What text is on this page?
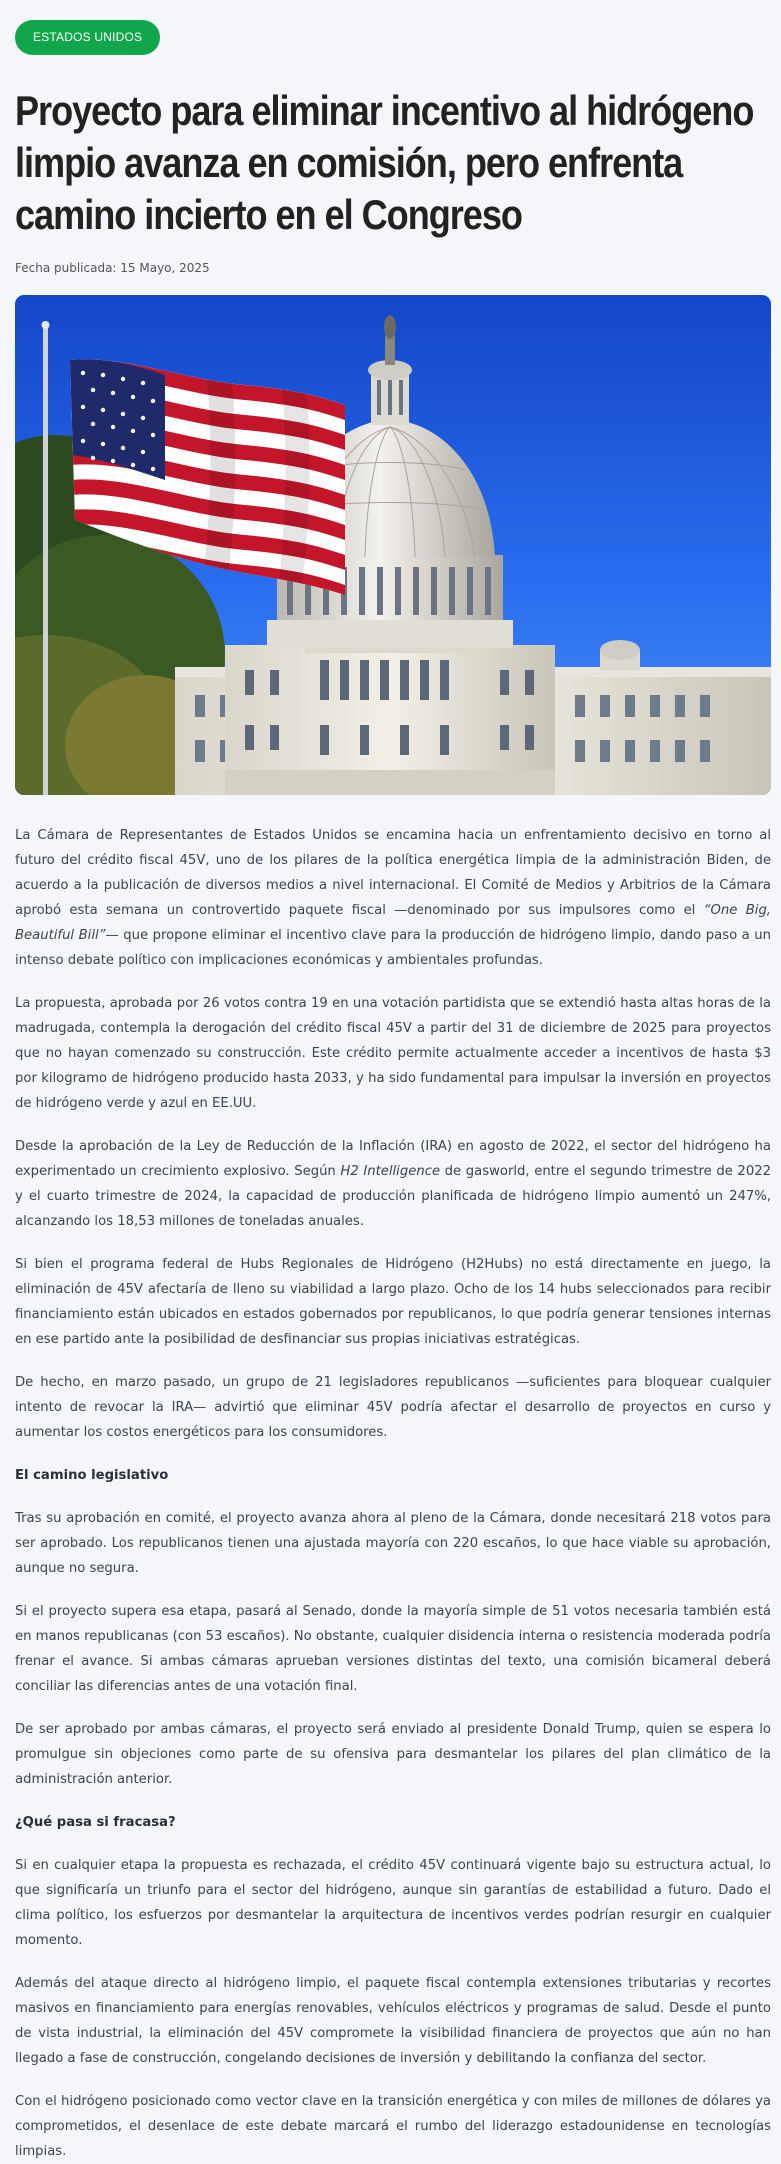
ESTADOS UNIDOS
Proyecto para eliminar incentivo al hidrógeno limpio avanza en comisión, pero enfrenta camino incierto en el Congreso
Fecha publicada: 15 Mayo, 2025

La Cámara de Representantes de Estados Unidos se encamina hacia un enfrentamiento decisivo en torno al futuro del crédito fiscal 45V, uno de los pilares de la política energética limpia de la administración Biden, de acuerdo a la publicación de diversos medios a nivel internacional. El Comité de Medios y Arbitrios de la Cámara aprobó esta semana un controvertido paquete fiscal —denominado por sus impulsores como el “One Big, Beautiful Bill”— que propone eliminar el incentivo clave para la producción de hidrógeno limpio, dando paso a un intenso debate político con implicaciones económicas y ambientales profundas.

La propuesta, aprobada por 26 votos contra 19 en una votación partidista que se extendió hasta altas horas de la madrugada, contempla la derogación del crédito fiscal 45V a partir del 31 de diciembre de 2025 para proyectos que no hayan comenzado su construcción. Este crédito permite actualmente acceder a incentivos de hasta $3 por kilogramo de hidrógeno producido hasta 2033, y ha sido fundamental para impulsar la inversión en proyectos de hidrógeno verde y azul en EE.UU.

Desde la aprobación de la Ley de Reducción de la Inflación (IRA) en agosto de 2022, el sector del hidrógeno ha experimentado un crecimiento explosivo. Según H2 Intelligence de gasworld, entre el segundo trimestre de 2022 y el cuarto trimestre de 2024, la capacidad de producción planificada de hidrógeno limpio aumentó un 247%, alcanzando los 18,53 millones de toneladas anuales.

Si bien el programa federal de Hubs Regionales de Hidrógeno (H2Hubs) no está directamente en juego, la eliminación de 45V afectaría de lleno su viabilidad a largo plazo. Ocho de los 14 hubs seleccionados para recibir financiamiento están ubicados en estados gobernados por republicanos, lo que podría generar tensiones internas en ese partido ante la posibilidad de desfinanciar sus propias iniciativas estratégicas.

De hecho, en marzo pasado, un grupo de 21 legisladores republicanos —suficientes para bloquear cualquier intento de revocar la IRA— advirtió que eliminar 45V podría afectar el desarrollo de proyectos en curso y aumentar los costos energéticos para los consumidores.

El camino legislativo

Tras su aprobación en comité, el proyecto avanza ahora al pleno de la Cámara, donde necesitará 218 votos para ser aprobado. Los republicanos tienen una ajustada mayoría con 220 escaños, lo que hace viable su aprobación, aunque no segura.

Si el proyecto supera esa etapa, pasará al Senado, donde la mayoría simple de 51 votos necesaria también está en manos republicanas (con 53 escaños). No obstante, cualquier disidencia interna o resistencia moderada podría frenar el avance. Si ambas cámaras aprueban versiones distintas del texto, una comisión bicameral deberá conciliar las diferencias antes de una votación final.

De ser aprobado por ambas cámaras, el proyecto será enviado al presidente Donald Trump, quien se espera lo promulgue sin objeciones como parte de su ofensiva para desmantelar los pilares del plan climático de la administración anterior.

¿Qué pasa si fracasa?

Si en cualquier etapa la propuesta es rechazada, el crédito 45V continuará vigente bajo su estructura actual, lo que significaría un triunfo para el sector del hidrógeno, aunque sin garantías de estabilidad a futuro. Dado el clima político, los esfuerzos por desmantelar la arquitectura de incentivos verdes podrían resurgir en cualquier momento.

Además del ataque directo al hidrógeno limpio, el paquete fiscal contempla extensiones tributarias y recortes masivos en financiamiento para energías renovables, vehículos eléctricos y programas de salud. Desde el punto de vista industrial, la eliminación del 45V compromete la visibilidad financiera de proyectos que aún no han llegado a fase de construcción, congelando decisiones de inversión y debilitando la confianza del sector.

Con el hidrógeno posicionado como vector clave en la transición energética y con miles de millones de dólares ya comprometidos, el desenlace de este debate marcará el rumbo del liderazgo estadounidense en tecnologías limpias.
